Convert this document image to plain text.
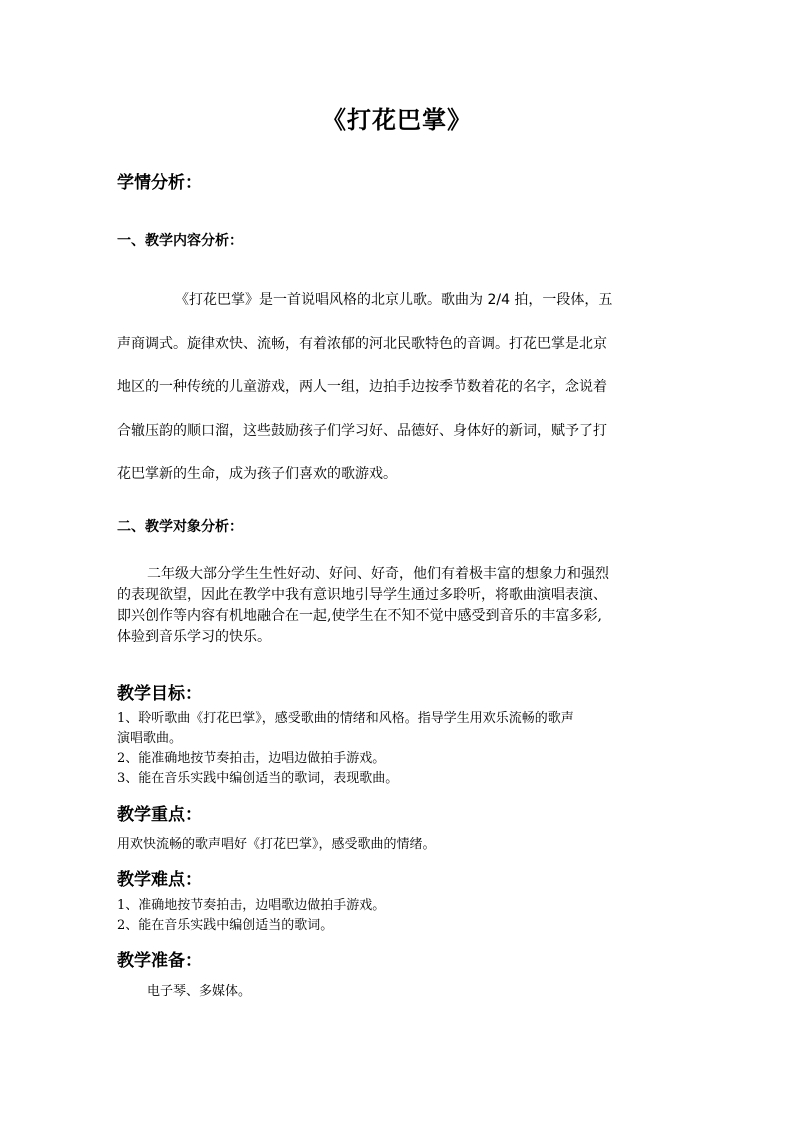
《打花巴掌》
学情分析：
一、教学内容分析：
《打花巴掌》是一首说唱风格的北京儿歌。歌曲为 2/4 拍，一段体，五
声商调式。旋律欢快、流畅，有着浓郁的河北民歌特色的音调。打花巴掌是北京
地区的一种传统的儿童游戏，两人一组，边拍手边按季节数着花的名字，念说着
合辙压韵的顺口溜，这些鼓励孩子们学习好、品德好、身体好的新词，赋予了打
花巴掌新的生命，成为孩子们喜欢的歌游戏。
二、教学对象分析：
二年级大部分学生生性好动、好问、好奇，他们有着极丰富的想象力和强烈
的表现欲望，因此在教学中我有意识地引导学生通过多聆听，将歌曲演唱表演、
即兴创作等内容有机地融合在一起,使学生在不知不觉中感受到音乐的丰富多彩,
体验到音乐学习的快乐。
教学目标：
1、聆听歌曲《打花巴掌》，感受歌曲的情绪和风格。指导学生用欢乐流畅的歌声
演唱歌曲。
2、能准确地按节奏拍击，边唱边做拍手游戏。
3、能在音乐实践中编创适当的歌词，表现歌曲。
教学重点：
用欢快流畅的歌声唱好《打花巴掌》，感受歌曲的情绪。
教学难点：
1、准确地按节奏拍击，边唱歌边做拍手游戏。
2、能在音乐实践中编创适当的歌词。
教学准备：
电子琴、多媒体。
